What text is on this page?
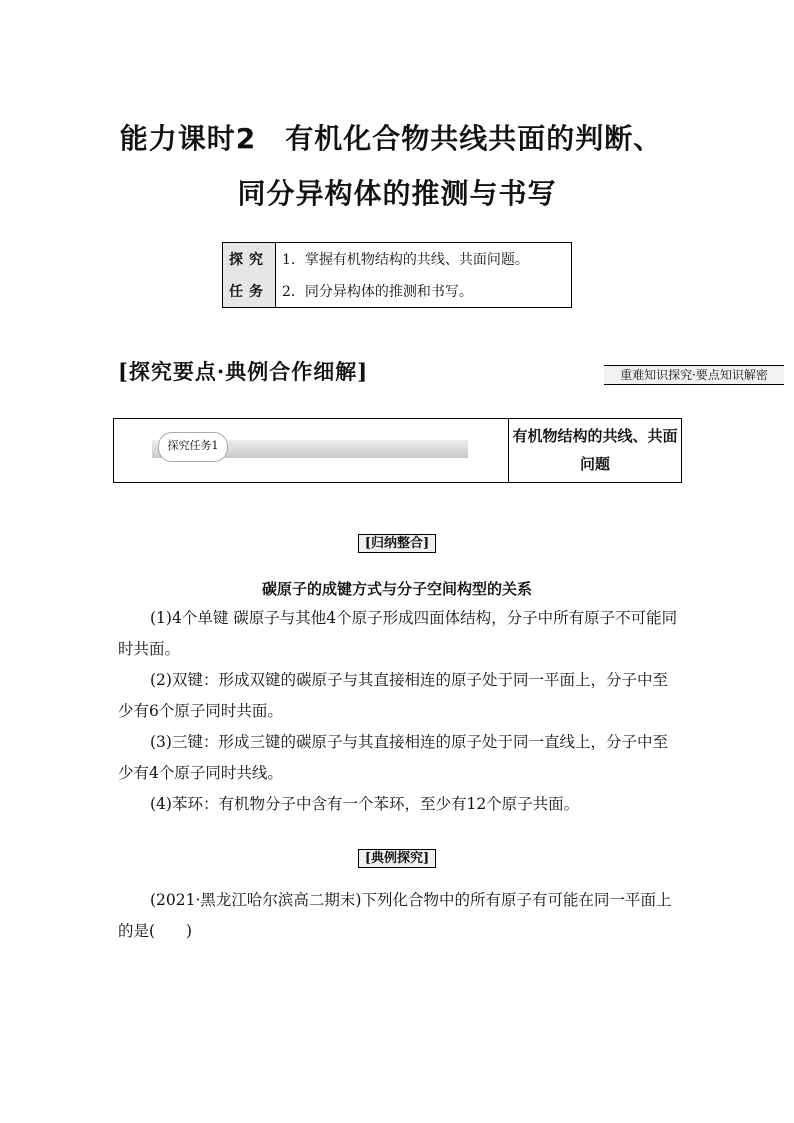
能力课时2　有机化合物共线共面的判断、
同分异构体的推测与书写
探究	1．掌握有机物结构的共线、共面问题。
任务	2．同分异构体的推测和书写。
[探究要点·典例合作细解]	重难知识探究·要点知识解密
探究任务1
有机物结构的共线、共面问题
[归纳整合]
碳原子的成键方式与分子空间构型的关系
(1)4个单键 碳原子与其他4个原子形成四面体结构，分子中所有原子不可能同时共面。
(2)双键：形成双键的碳原子与其直接相连的原子处于同一平面上，分子中至少有6个原子同时共面。
(3)三键：形成三键的碳原子与其直接相连的原子处于同一直线上，分子中至少有4个原子同时共线。
(4)苯环：有机物分子中含有一个苯环，至少有12个原子共面。
[典例探究]
(2021·黑龙江哈尔滨高二期末)下列化合物中的所有原子有可能在同一平面上的是(　　)
